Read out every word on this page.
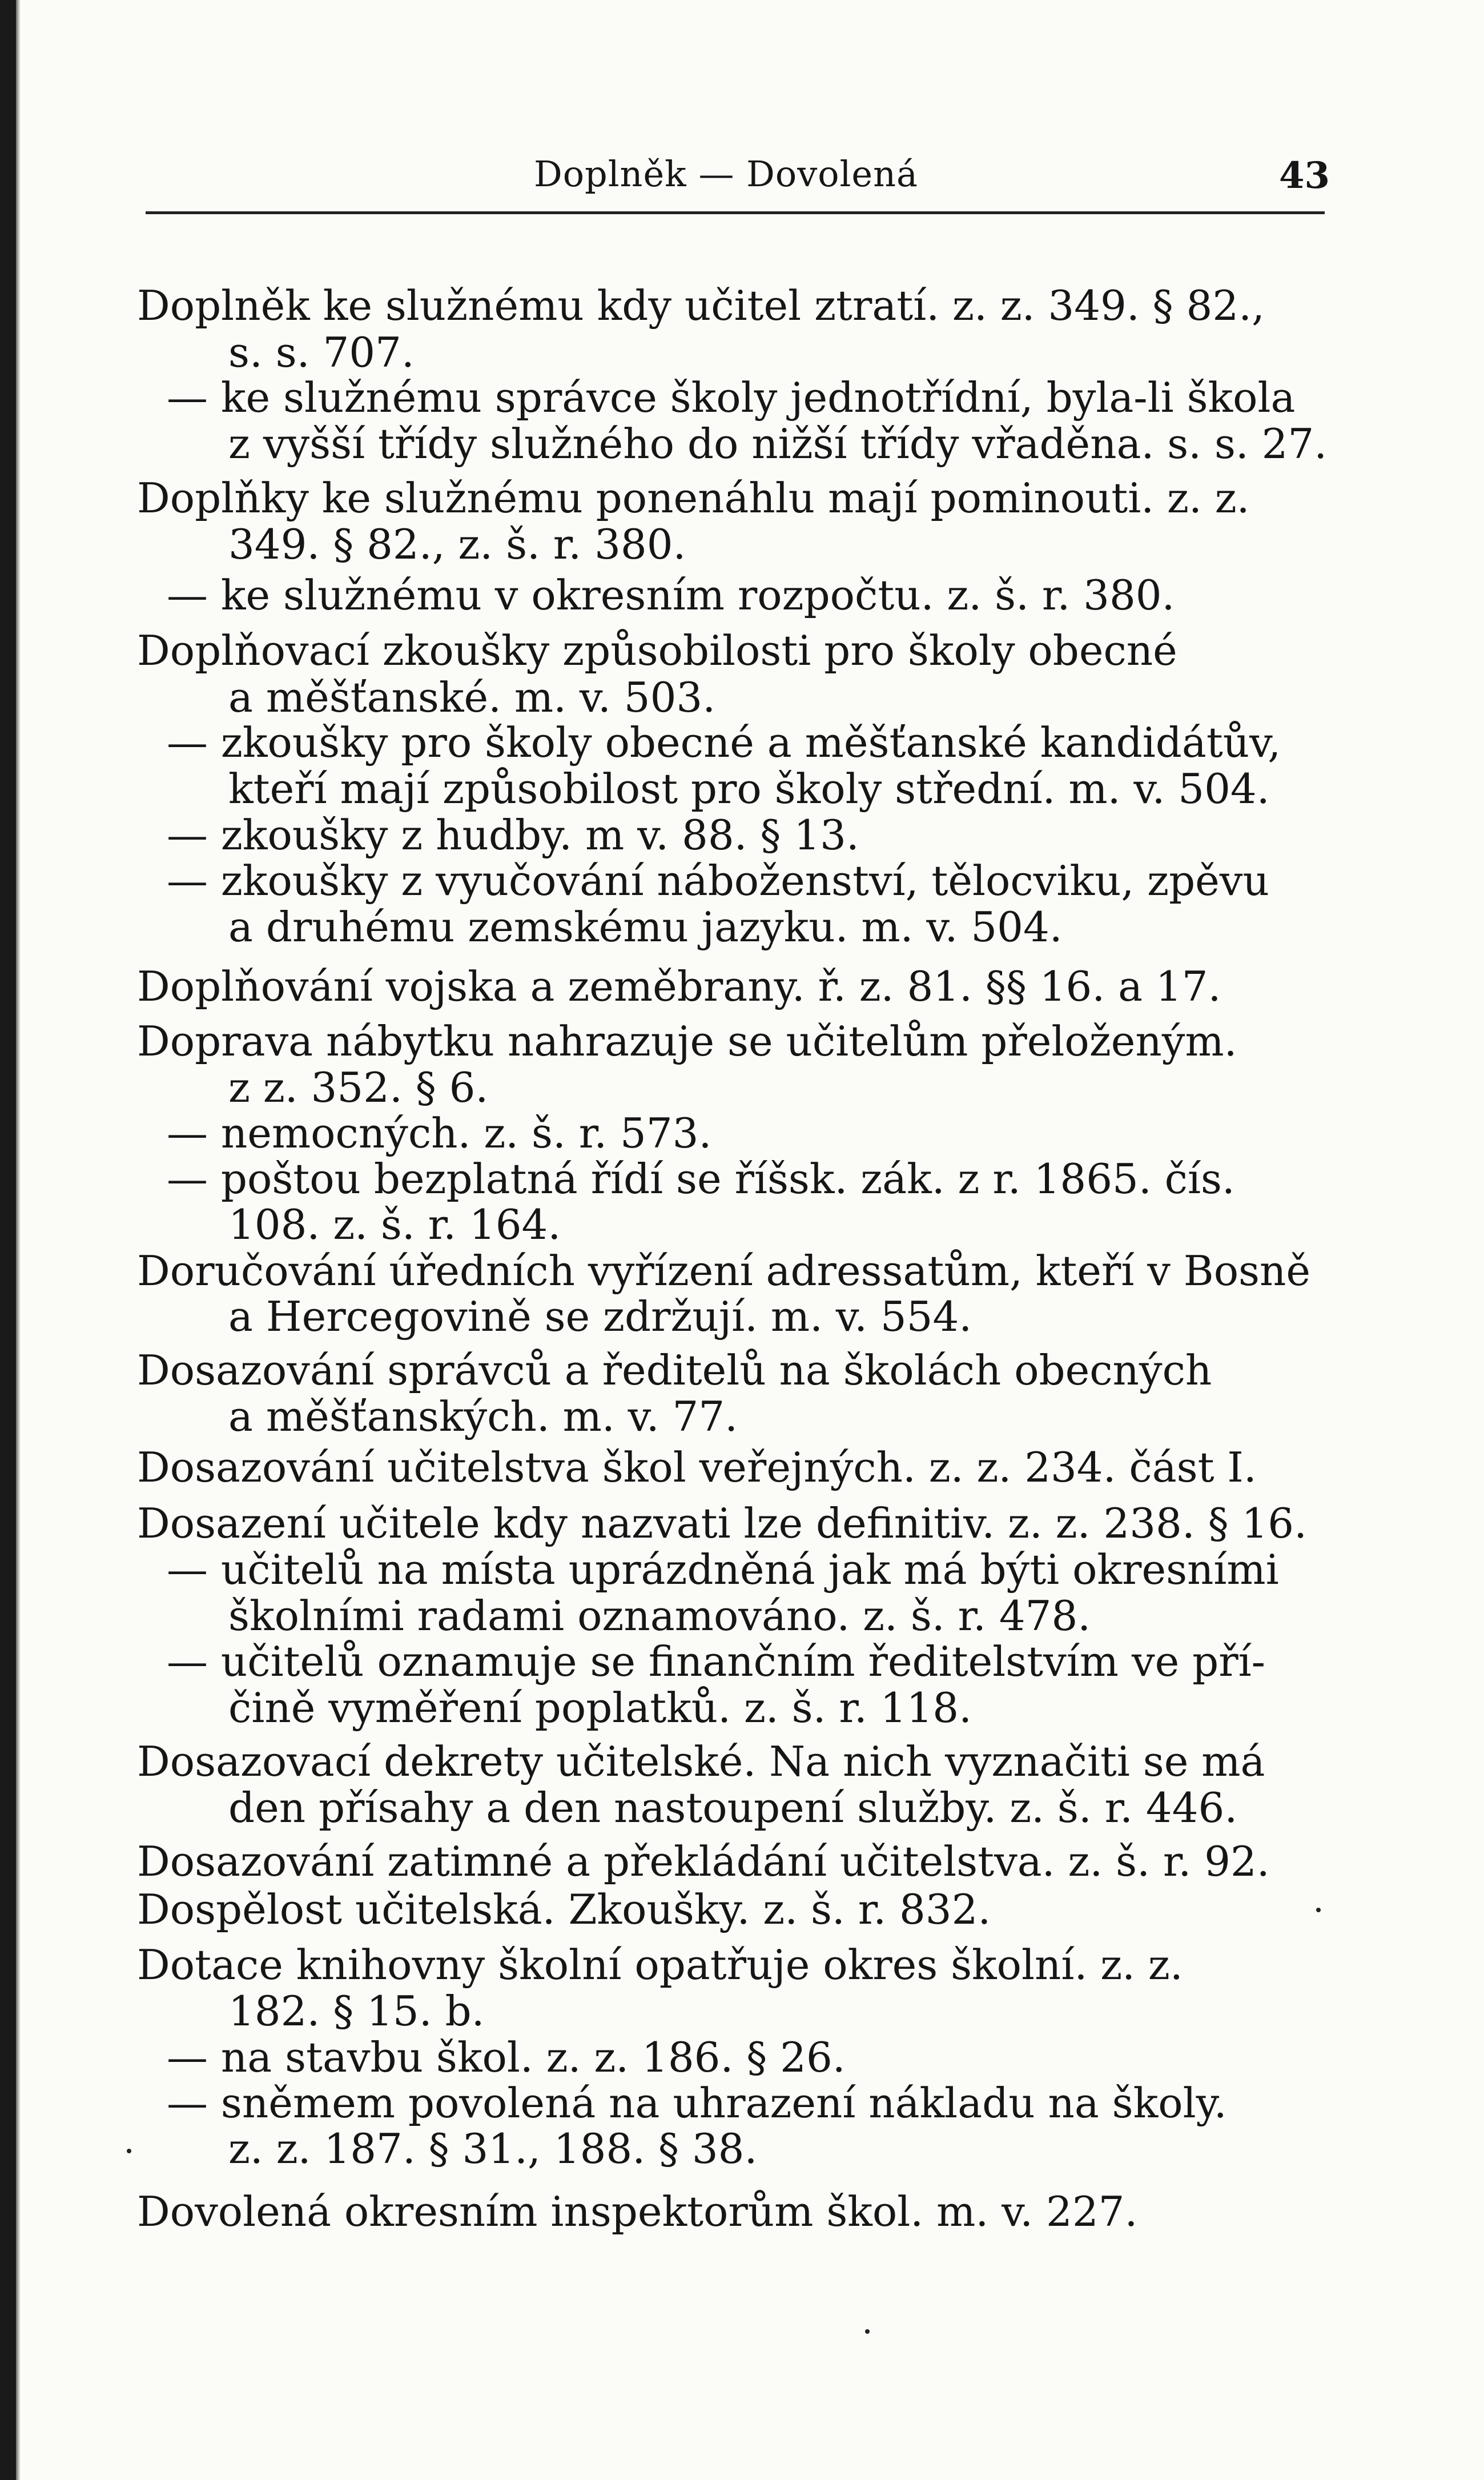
Doplněk — Dovolená	43
Doplněk ke služnému kdy učitel ztratí. z. z. 349. § 82.,
s. s. 707.
— ke služnému správce školy jednotřídní, byla-li škola
z vyšší třídy služného do nižší třídy vřaděna. s. s. 27.
Doplňky ke služnému ponenáhlu mají pominouti. z. z.
349. § 82., z. š. r. 380.
— ke služnému v okresním rozpočtu. z. š. r. 380.
Doplňovací zkoušky způsobilosti pro školy obecné
a měšťanské. m. v. 503.
— zkoušky pro školy obecné a měšťanské kandidátův,
kteří mají způsobilost pro školy střední. m. v. 504.
— zkoušky z hudby. m v. 88. § 13.
— zkoušky z vyučování náboženství, tělocviku, zpěvu
a druhému zemskému jazyku. m. v. 504.
Doplňování vojska a zeměbrany. ř. z. 81. §§ 16. a 17.
Doprava nábytku nahrazuje se učitelům přeloženým.
z z. 352. § 6.
— nemocných. z. š. r. 573.
— poštou bezplatná řídí se říšsk. zák. z r. 1865. čís.
108. z. š. r. 164.
Doručování úředních vyřízení adressatům, kteří v Bosně
a Hercegovině se zdržují. m. v. 554.
Dosazování správců a ředitelů na školách obecných
a měšťanských. m. v. 77.
Dosazování učitelstva škol veřejných. z. z. 234. část I.
Dosazení učitele kdy nazvati lze definitiv. z. z. 238. § 16.
— učitelů na místa uprázdněná jak má býti okresními
školními radami oznamováno. z. š. r. 478.
— učitelů oznamuje se finančním ředitelstvím ve pří-
čině vyměření poplatků. z. š. r. 118.
Dosazovací dekrety učitelské. Na nich vyznačiti se má
den přísahy a den nastoupení služby. z. š. r. 446.
Dosazování zatimné a překládání učitelstva. z. š. r. 92.
Dospělost učitelská. Zkoušky. z. š. r. 832.
Dotace knihovny školní opatřuje okres školní. z. z.
182. § 15. b.
— na stavbu škol. z. z. 186. § 26.
— sněmem povolená na uhrazení nákladu na školy.
z. z. 187. § 31., 188. § 38.
Dovolená okresním inspektorům škol. m. v. 227.
